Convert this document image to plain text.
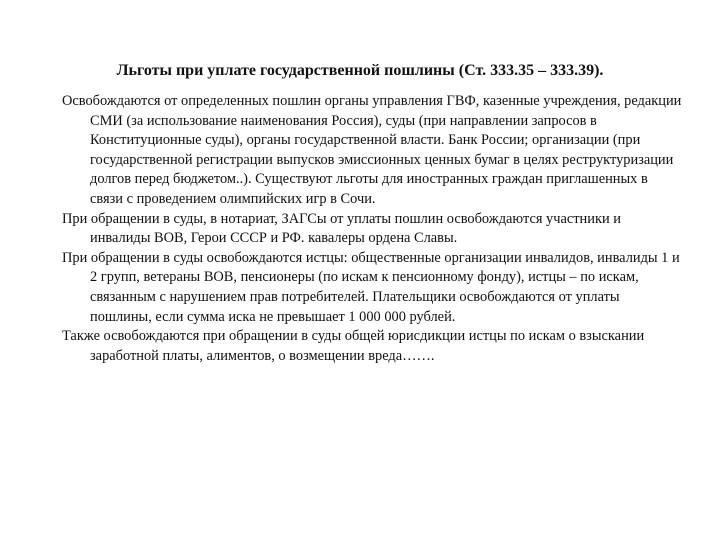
Льготы при уплате государственной пошлины (Ст. 333.35 – 333.39).

Освобождаются от определенных пошлин органы управления ГВФ, казенные учреждения, редакции СМИ (за использование наименования Россия), суды (при направлении запросов в Конституционные суды), органы государственной власти. Банк России; организации (при государственной регистрации выпусков эмиссионных ценных бумаг в целях реструктуризации долгов перед бюджетом..). Существуют льготы для иностранных граждан приглашенных в связи с проведением олимпийских игр в Сочи.

При обращении в суды, в нотариат, ЗАГСы от уплаты пошлин освобождаются участники и инвалиды ВОВ, Герои СССР и РФ. кавалеры ордена Славы.

При обращении в суды освобождаются истцы: общественные организации инвалидов, инвалиды 1 и 2 групп, ветераны ВОВ, пенсионеры (по искам к пенсионному фонду), истцы – по искам, связанным с нарушением прав потребителей. Плательщики освобождаются от уплаты пошлины, если сумма иска не превышает 1 000 000 рублей.

Также освобождаются при обращении в суды общей юрисдикции истцы по искам о взыскании заработной платы, алиментов, о возмещении вреда…….
